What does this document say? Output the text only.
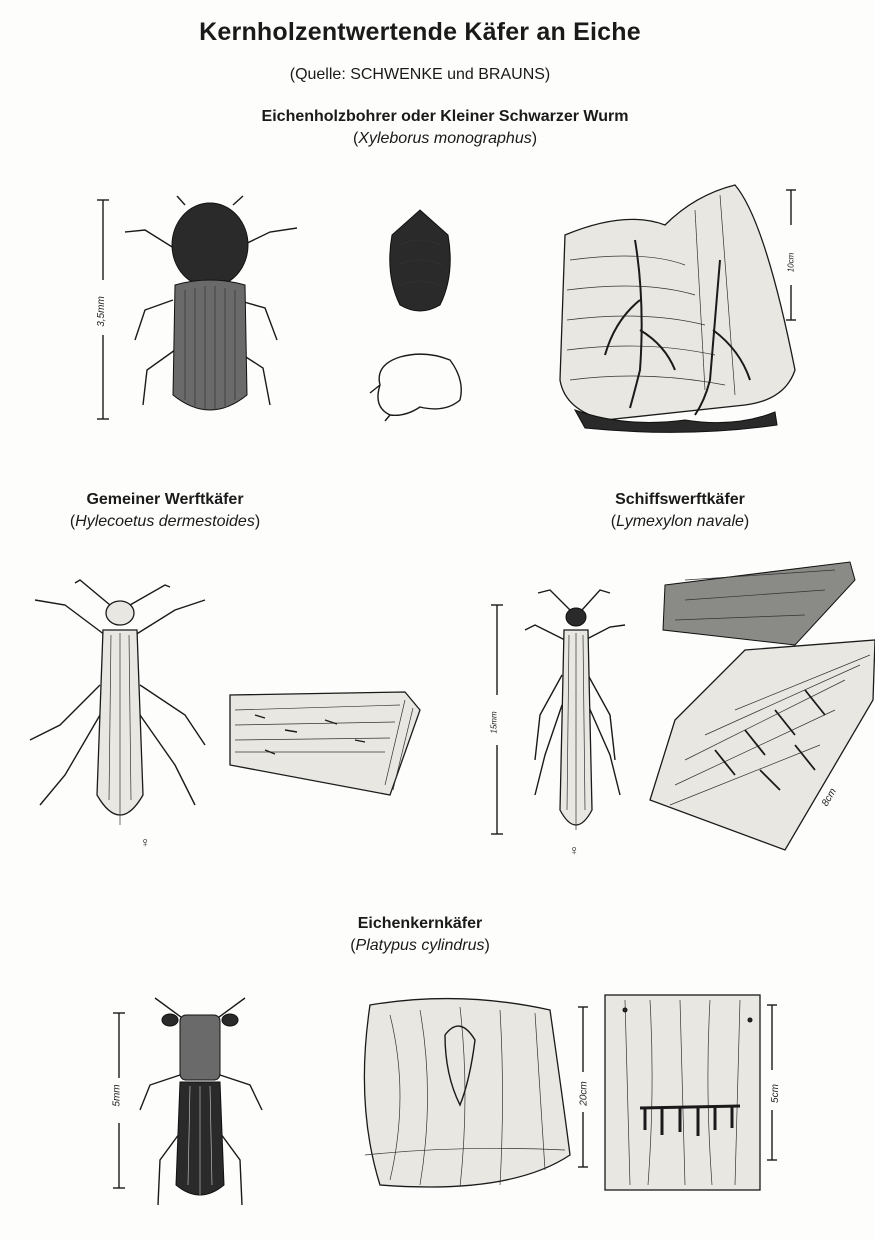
Kernholzentwertende Käfer an Eiche
(Quelle: SCHWENKE und BRAUNS)
Eichenholzbohrer oder Kleiner Schwarzer Wurm
(Xyleborus monographus)
3,5mm
10cm
Gemeiner Werftkäfer
(Hylecoetus dermestoides)
♀
Schiffswerftkäfer
(Lymexylon navale)
15mm
♀
8cm
Eichenkernkäfer
(Platypus cylindrus)
5mm	20cm	5cm
